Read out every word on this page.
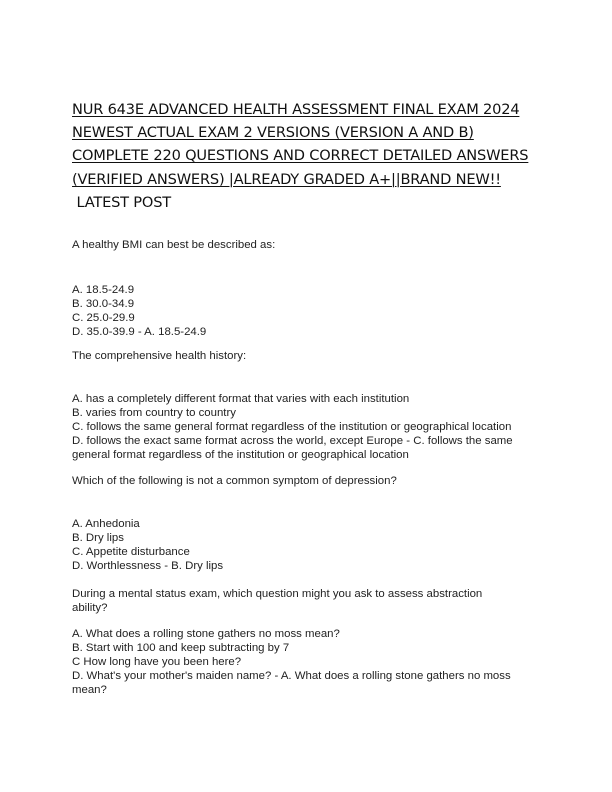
NUR 643E ADVANCED HEALTH ASSESSMENT FINAL EXAM 2024
NEWEST ACTUAL EXAM 2 VERSIONS (VERSION A AND B)
COMPLETE 220 QUESTIONS AND CORRECT DETAILED ANSWERS
(VERIFIED ANSWERS) |ALREADY GRADED A+||BRAND NEW!!
LATEST POST
A healthy BMI can best be described as:
A. 18.5-24.9
B. 30.0-34.9
C. 25.0-29.9
D. 35.0-39.9 - A. 18.5-24.9
The comprehensive health history:
A. has a completely different format that varies with each institution
B. varies from country to country
C. follows the same general format regardless of the institution or geographical location
D. follows the exact same format across the world, except Europe - C. follows the same
general format regardless of the institution or geographical location
Which of the following is not a common symptom of depression?
A. Anhedonia
B. Dry lips
C. Appetite disturbance
D. Worthlessness - B. Dry lips
During a mental status exam, which question might you ask to assess abstraction
ability?
A. What does a rolling stone gathers no moss mean?
B. Start with 100 and keep subtracting by 7
C How long have you been here?
D. What's your mother's maiden name? - A. What does a rolling stone gathers no moss
mean?
